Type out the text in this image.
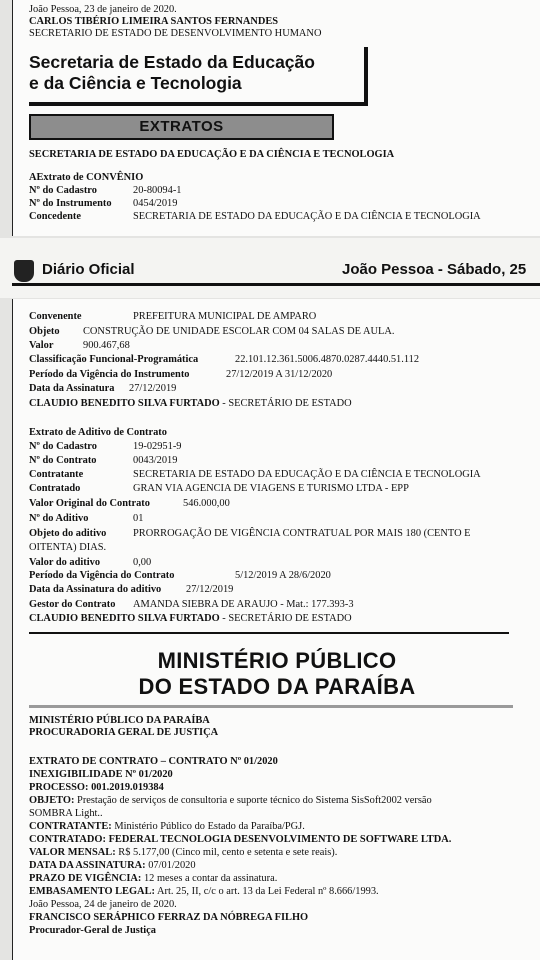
João Pessoa, 23 de janeiro de 2020.
CARLOS TIBÉRIO LIMEIRA SANTOS FERNANDES
SECRETARIO DE ESTADO DE DESENVOLVIMENTO HUMANO
Secretaria de Estado da Educação
e da Ciência e Tecnologia
EXTRATOS
SECRETARIA DE ESTADO DA EDUCAÇÃO E DA CIÊNCIA E TECNOLOGIA
AExtrato de CONVÊNIO
Nº do Cadastro	20-80094-1
Nº do Instrumento 0454/2019
Concedente	SECRETARIA DE ESTADO DA EDUCAÇÃO E DA CIÊNCIA E TECNOLOGIA
Diário Oficial	João Pessoa - Sábado, 25
Convenente	PREFEITURA MUNICIPAL DE AMPARO
Objeto CONSTRUÇÃO DE UNIDADE ESCOLAR COM 04 SALAS DE AULA.
Valor	900.467,68
Classificação Funcional-Programática	22.101.12.361.5006.4870.0287.4440.51.112
Período da Vigência do Instrumento	27/12/2019 A 31/12/2020
Data da Assinatura 27/12/2019
CLAUDIO BENEDITO SILVA FURTADO - SECRETÁRIO DE ESTADO
Extrato de Aditivo de Contrato
Nº do Cadastro	19-02951-9
Nº do Contrato	0043/2019
Contratante	SECRETARIA DE ESTADO DA EDUCAÇÃO E DA CIÊNCIA E TECNOLOGIA
Contratado	GRAN VIA AGENCIA DE VIAGENS E TURISMO LTDA - EPP
Valor Original do Contrato	546.000,00
Nº do Aditivo	01
Objeto do aditivo	PRORROGAÇÃO DE VIGÊNCIA CONTRATUAL POR MAIS 180 (CENTO E
OITENTA) DIAS.
Valor do aditivo	0,00
Período da Vigência do Contrato	5/12/2019 A 28/6/2020
Data da Assinatura do aditivo 27/12/2019
Gestor do Contrato AMANDA SIEBRA DE ARAUJO - Mat.: 177.393-3
CLAUDIO BENEDITO SILVA FURTADO - SECRETÁRIO DE ESTADO
MINISTÉRIO PÚBLICO
DO ESTADO DA PARAÍBA
MINISTÉRIO PÚBLICO DA PARAÍBA
PROCURADORIA GERAL DE JUSTIÇA
EXTRATO DE CONTRATO – CONTRATO Nº 01/2020
INEXIGIBILIDADE Nº 01/2020
PROCESSO: 001.2019.019384
OBJETO: Prestação de serviços de consultoria e suporte técnico do Sistema SisSoft2002 versão
SOMBRA Light..
CONTRATANTE: Ministério Público do Estado da Paraíba/PGJ.
CONTRATADO: FEDERAL TECNOLOGIA DESENVOLVIMENTO DE SOFTWARE LTDA.
VALOR MENSAL: R$ 5.177,00 (Cinco mil, cento e setenta e sete reais).
DATA DA ASSINATURA: 07/01/2020
PRAZO DE VIGÊNCIA: 12 meses a contar da assinatura.
EMBASAMENTO LEGAL: Art. 25, II, c/c o art. 13 da Lei Federal nº 8.666/1993.
João Pessoa, 24 de janeiro de 2020.
FRANCISCO SERÁPHICO FERRAZ DA NÓBREGA FILHO
Procurador-Geral de Justiça
